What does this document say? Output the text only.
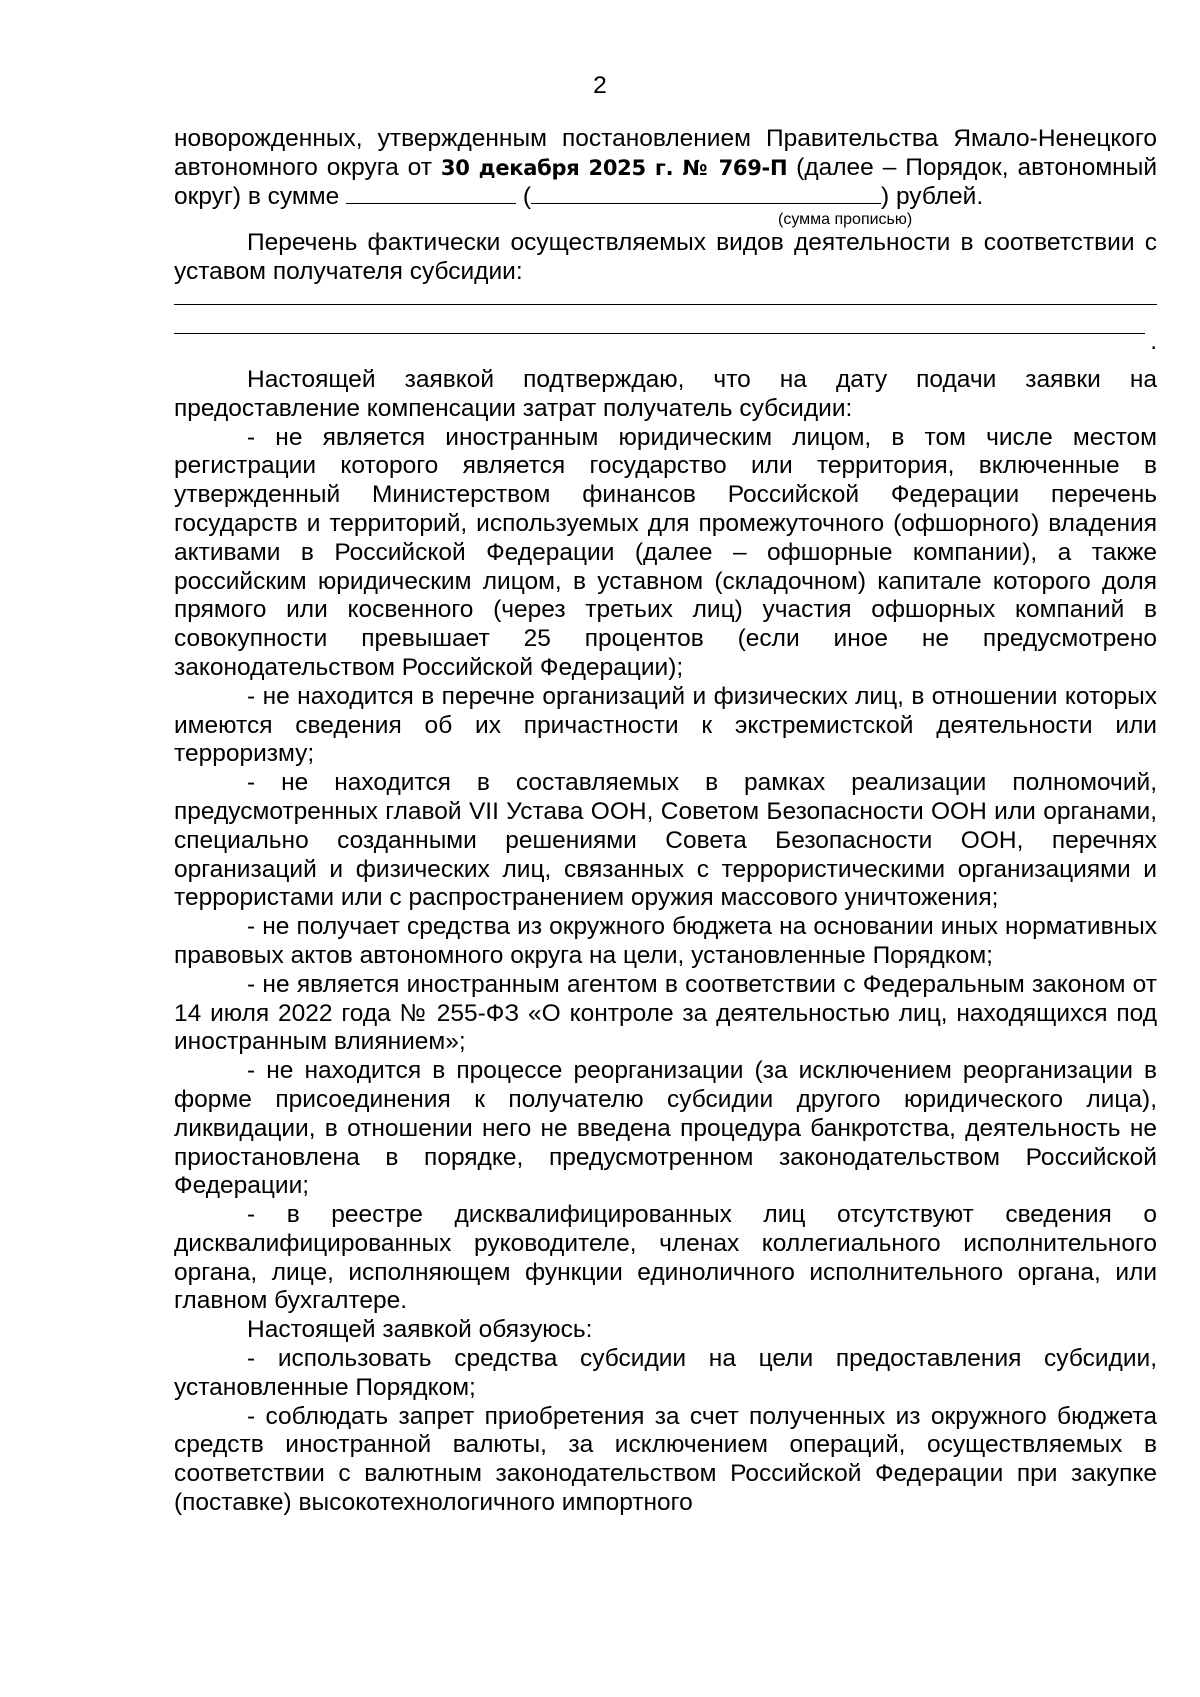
2

новорожденных, утвержденным постановлением Правительства Ямало-Ненецкого автономного округа от 30 декабря 2025 г. № 769-П (далее – Порядок, автономный округ) в сумме	(	) рублей.

(сумма прописью)

Перечень фактически осуществляемых видов деятельности в соответствии с уставом получателя субсидии:

.

Настоящей заявкой подтверждаю, что на дату подачи заявки на предоставление компенсации затрат получатель субсидии:

- не является иностранным юридическим лицом, в том числе местом регистрации которого является государство или территория, включенные в утвержденный Министерством финансов Российской Федерации перечень государств и территорий, используемых для промежуточного (офшорного) владения активами в Российской Федерации (далее – офшорные компании), а также российским юридическим лицом, в уставном (складочном) капитале которого доля прямого или косвенного (через третьих лиц) участия офшорных компаний в совокупности превышает 25 процентов (если иное не предусмотрено законодательством Российской Федерации);

- не находится в перечне организаций и физических лиц, в отношении которых имеются сведения об их причастности к экстремистской деятельности или терроризму;

- не находится в составляемых в рамках реализации полномочий, предусмотренных главой VII Устава ООН, Советом Безопасности ООН или органами, специально созданными решениями Совета Безопасности ООН, перечнях организаций и физических лиц, связанных с террористическими организациями и террористами или с распространением оружия массового уничтожения;

- не получает средства из окружного бюджета на основании иных нормативных правовых актов автономного округа на цели, установленные Порядком;

- не является иностранным агентом в соответствии с Федеральным законом от 14 июля 2022 года № 255-ФЗ «О контроле за деятельностью лиц, находящихся под иностранным влиянием»;

- не находится в процессе реорганизации (за исключением реорганизации в форме присоединения к получателю субсидии другого юридического лица), ликвидации, в отношении него не введена процедура банкротства, деятельность не приостановлена в порядке, предусмотренном законодательством Российской Федерации;

- в реестре дисквалифицированных лиц отсутствуют сведения о дисквалифицированных руководителе, членах коллегиального исполнительного органа, лице, исполняющем функции единоличного исполнительного органа, или главном бухгалтере.

Настоящей заявкой обязуюсь:

- использовать средства субсидии на цели предоставления субсидии, установленные Порядком;

- соблюдать запрет приобретения за счет полученных из окружного бюджета средств иностранной валюты, за исключением операций, осуществляемых в соответствии с валютным законодательством Российской Федерации при закупке (поставке) высокотехнологичного импортного
